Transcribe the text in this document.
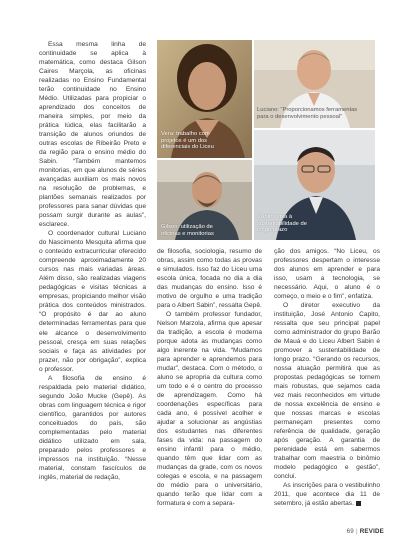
Essa mesma linha de continuidade se aplica à matemática, como destaca Gilson Caires Marçola, as oficinas realizadas no Ensino Fundamental terão continuidade no Ensino Médio. Utilizadas para propiciar o aprendizado dos conceitos de maneira simples, por meio da prática lúdica, elas facilitarão a transição de alunos oriundos de outras escolas de Ribeirão Preto e da região para o ensino médio do Sabin. “Também mantemos monitorias, em que alunos de séries avançadas auxiliam os mais novos na resolução de problemas, e plantões semanais realizados por professores para sanar dúvidas que possam surgir durante as aulas”, esclarece.

O coordenador cultural Luciano do Nascimento Mesquita afirma que o conteúdo extracurricular oferecido compreende aproximadamente 20 cursos nas mais variadas áreas. Além disso, são realizadas viagens pedagógicas e visitas técnicas a empresas, propiciando melhor visão prática dos conteúdos ministrados. “O propósito é dar ao aluno determinadas ferramentas para que ele alcance o desenvolvimento pessoal, cresça em suas relações sociais e faça as atividades por prazer, não por obrigação”, explica o professor.

A filosofia de ensino é respaldada pelo material didático, segundo João Mucke (Gepê). As obras com linguagem técnica e rigor científico, garantidos por autores conceituados do país, são complementadas pelo material didático utilizado em sala, preparado pelos professores e impressos na instituição. “Nesse material, constam fascículos de inglês, material de redação,

Vera: trabalho com projetos é um dos diferenciais do Liceu
Luciano: “Proporcionamos ferramentas para o desenvolvimento pessoal”
Gilson: utilização de oficinas e monitorias
Capito: visa à sustentabilidade de longo prazo

de filosofia, sociologia, resumo de obras, assim como todas as provas e simulados. Isso faz do Liceu uma escola única, focada no dia a dia das mudanças do ensino. Isso é motivo de orgulho e uma tradição para o Albert Sabin”, ressalta Gepê.

O também professor fundador, Nelson Marzola, afirma que apesar da tradição, a escola é moderna porque adota as mudanças como algo inerente na vida. “Mudamos para aprender e aprendemos para mudar”, destaca. Com o método, o aluno se apropria da cultura como um todo e é o centro do processo de aprendizagem. Como há coordenações específicas para cada ano, é possível acolher e ajudar a solucionar as angústias dos estudantes nas diferentes fases da vida: na passagem do ensino infantil para o médio, quando têm que lidar com as mudanças da grade, com os novos colegas e escola, e na passagem do médio para o universitário, quando terão que lidar com a formatura e com a separa-

ção dos amigos. “No Liceu, os professores despertam o interesse dos alunos em aprender e para isso, usam a tecnologia, se necessário. Aqui, o aluno é o começo, o meio e o fim”, enfatiza.

O diretor executivo da instituição, José Antonio Capito, ressalta que seu principal papel como administrador do grupo Barão de Mauá e do Liceu Albert Sabin é promover a sustentabilidade de longo prazo. “Gerando os recursos, nossa atuação permitirá que as propostas pedagógicas se tornem mais robustas, que sejamos cada vez mais reconhecidos em virtude de nossa excelência de ensino e que nossas marcas e escolas permaneçam presentes como referência de qualidade, geração após geração. A garantia de perenidade está em sabermos trabalhar com maestria o binômio modelo pedagógico e gestão”, conclui.

As inscrições para o vestibulinho 2011, que acontece dia 11 de setembro, já estão abertas.

69 | REVIDE
